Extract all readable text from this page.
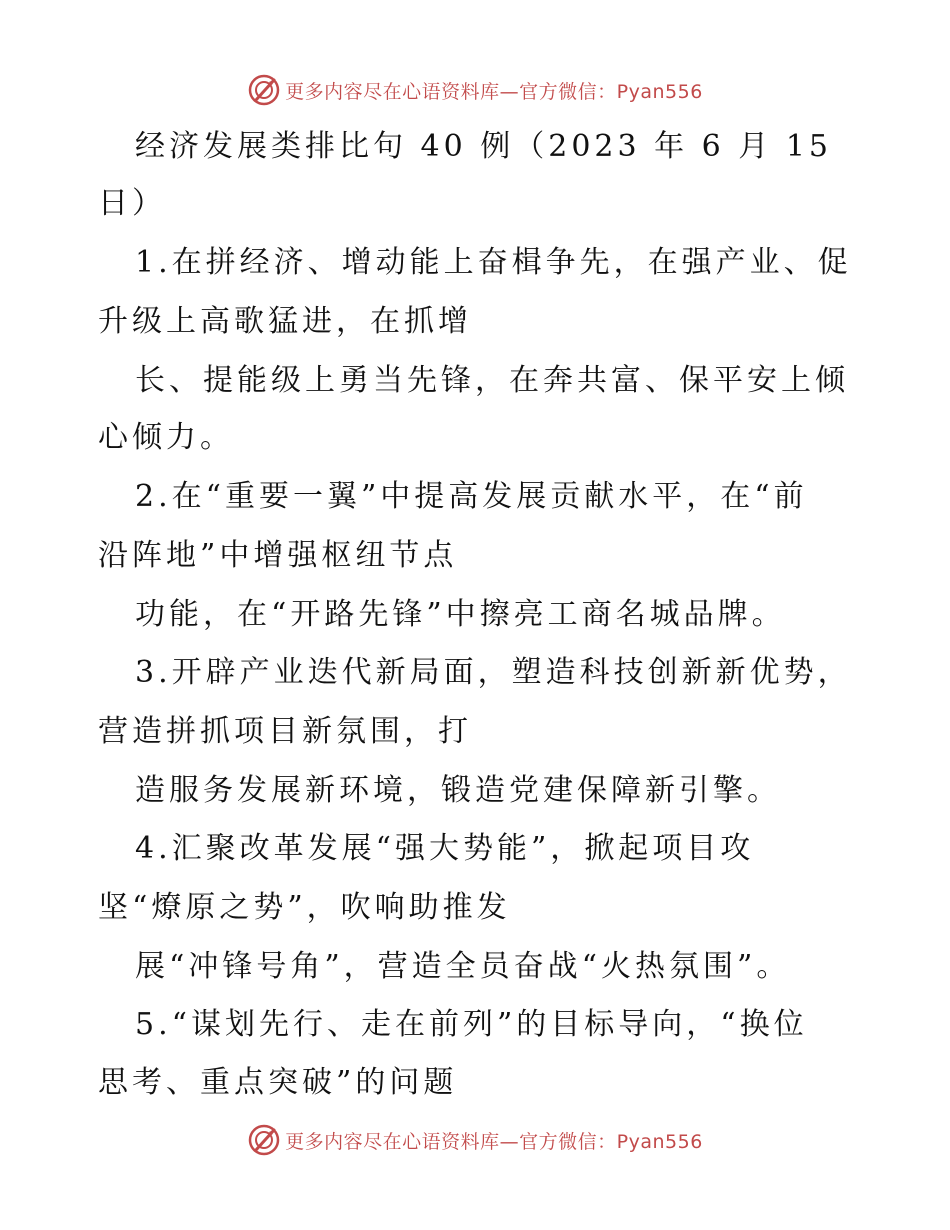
更多内容尽在心语资料库—官方微信：Pyan556
经济发展类排比句 40 例（2023 年 6 月 15
日）
1.在拼经济、增动能上奋楫争先，在强产业、促
升级上高歌猛进，在抓增
长、提能级上勇当先锋，在奔共富、保平安上倾
心倾力。
2.在“重要一翼”中提高发展贡献水平，在“前
沿阵地”中增强枢纽节点
功能，在“开路先锋”中擦亮工商名城品牌。
3.开辟产业迭代新局面，塑造科技创新新优势，
营造拼抓项目新氛围，打
造服务发展新环境，锻造党建保障新引擎。
4.汇聚改革发展“强大势能”，掀起项目攻
坚“燎原之势”，吹响助推发
展“冲锋号角”，营造全员奋战“火热氛围”。
5.“谋划先行、走在前列”的目标导向，“换位
思考、重点突破”的问题
更多内容尽在心语资料库—官方微信：Pyan556
